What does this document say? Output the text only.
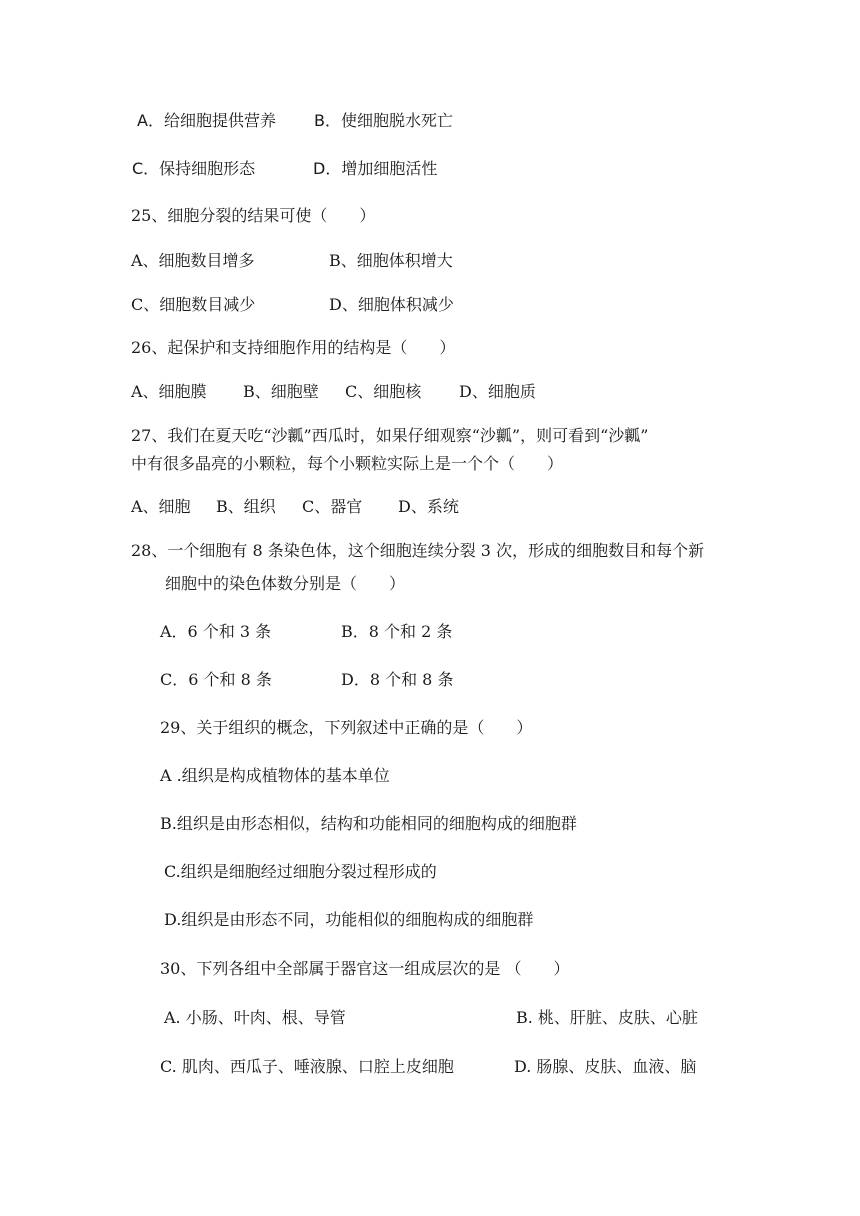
A．给细胞提供营养 B．使细胞脱水死亡
C．保持细胞形态	D．增加细胞活性
25、细胞分裂的结果可使（　　）
A、细胞数目增多	B、细胞体积增大
C、细胞数目减少	D、细胞体积减少
26、起保护和支持细胞作用的结构是（　　）
A、细胞膜 B、细胞壁 C、细胞核 D、细胞质
27、我们在夏天吃“沙瓤”西瓜时，如果仔细观察“沙瓤”，则可看到“沙瓤”
中有很多晶亮的小颗粒，每个小颗粒实际上是一个个（　　）
A、细胞 B、组织 C、器官 D、系统
28、一个细胞有 8 条染色体，这个细胞连续分裂 3 次，形成的细胞数目和每个新
细胞中的染色体数分别是（　　）
A．6 个和 3 条	B．8 个和 2 条
C．6 个和 8 条	D．8 个和 8 条
29、关于组织的概念，下列叙述中正确的是（　　）
A .组织是构成植物体的基本单位
B.组织是由形态相似，结构和功能相同的细胞构成的细胞群
C.组织是细胞经过细胞分裂过程形成的
D.组织是由形态不同，功能相似的细胞构成的细胞群
30、下列各组中全部属于器官这一组成层次的是 （　　）
A. 小肠、叶肉、根、导管	B. 桃、肝脏、皮肤、心脏
C. 肌肉、西瓜子、唾液腺、口腔上皮细胞	D. 肠腺、皮肤、血液、脑
